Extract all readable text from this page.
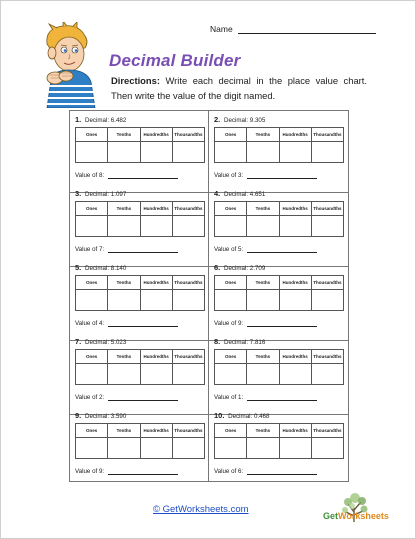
Name
Decimal Builder
Directions: Write each decimal in the place value chart. Then write the value of the digit named.
1. Decimal: 6.482
Ones	Tenths	Hundredths	Thousandths

Value of 8:
2. Decimal: 9.305
Ones	Tenths	Hundredths	Thousandths

Value of 3:
3. Decimal: 1.097
Ones	Tenths	Hundredths	Thousandths

Value of 7:
4. Decimal: 4.651
Ones	Tenths	Hundredths	Thousandths

Value of 5:
5. Decimal: 8.140
Ones	Tenths	Hundredths	Thousandths

Value of 4:
6. Decimal: 2.709
Ones	Tenths	Hundredths	Thousandths

Value of 9:
7. Decimal: 5.023
Ones	Tenths	Hundredths	Thousandths

Value of 2:
8. Decimal: 7.816
Ones	Tenths	Hundredths	Thousandths

Value of 1:
9. Decimal: 3.590
Ones	Tenths	Hundredths	Thousandths

Value of 9:
10. Decimal: 0.468
Ones	Tenths	Hundredths	Thousandths

Value of 6:
© GetWorksheets.com
GetWorksheets
